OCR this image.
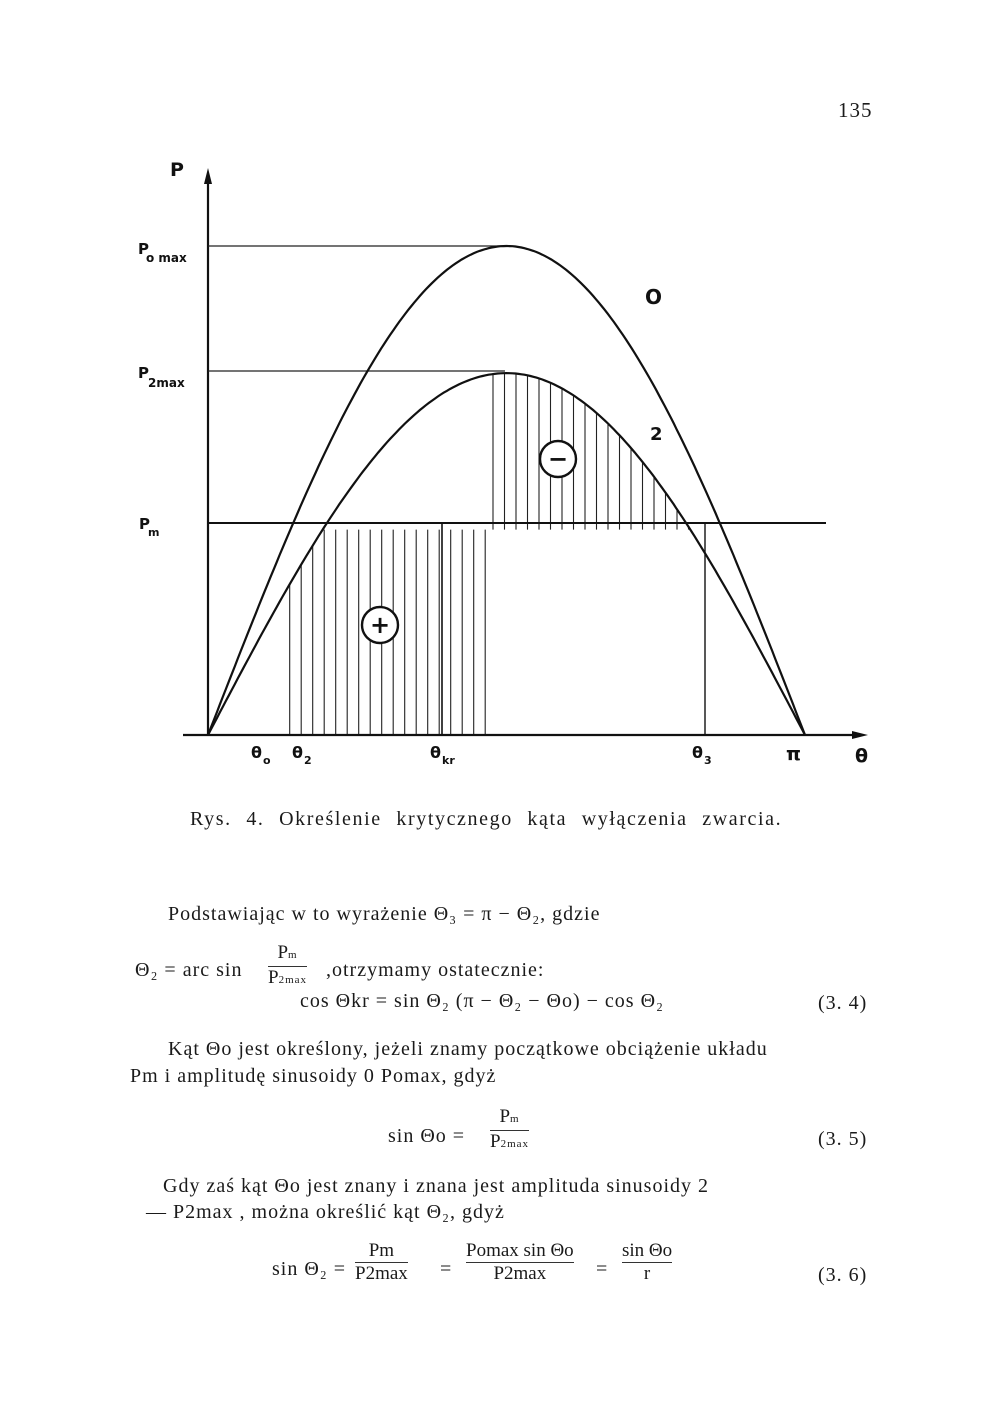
135
−
+
P
P
o max
P
2max
P
m
O
2
θ o θ 2	θ kr	θ 3	π	θ
Rys. 4. Określenie krytycznego kąta wyłączenia zwarcia.
Podstawiając w to wyrażenie Θ₃ = π − Θ₂, gdzie
Θ₂ = arc sin
Pm
P2max ,otrzymamy ostatecznie:
cos Θkr = sin Θ₂ (π − Θ₂ − Θo) − cos Θ₂	(3. 4)
Kąt Θo jest określony, jeżeli znamy początkowe obciążenie układu
Pm i amplitudę sinusoidy 0 Pomax, gdyż
sin Θo =
Pm
P2max	(3. 5)
Gdy zaś kąt Θo jest znany i znana jest amplituda sinusoidy 2
— P2max , można określić kąt Θ₂, gdyż
sin Θ₂ =
Pm
P2max =
Pomax sin Θo
P2max =
sin Θo
r	(3. 6)
